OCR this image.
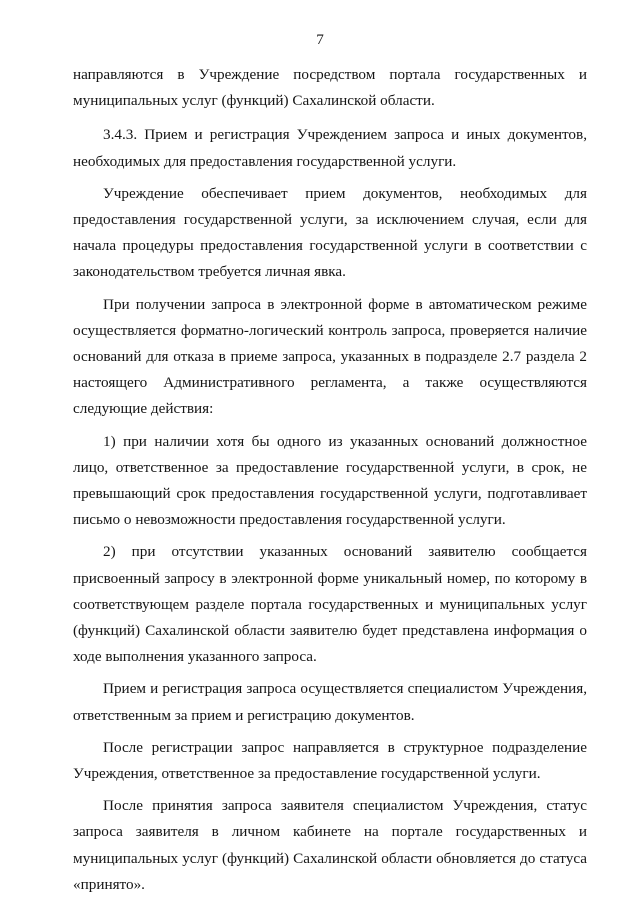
7

направляются в Учреждение посредством портала государственных и муниципальных услуг (функций) Сахалинской области.

3.4.3. Прием и регистрация Учреждением запроса и иных документов, необходимых для предоставления государственной услуги.

Учреждение обеспечивает прием документов, необходимых для предоставления государственной услуги, за исключением случая, если для начала процедуры предоставления государственной услуги в соответствии с законодательством требуется личная явка.

При получении запроса в электронной форме в автоматическом режиме осуществляется форматно-логический контроль запроса, проверяется наличие оснований для отказа в приеме запроса, указанных в подразделе 2.7 раздела 2 настоящего Административного регламента, а также осуществляются следующие действия:

1) при наличии хотя бы одного из указанных оснований должностное лицо, ответственное за предоставление государственной услуги, в срок, не превышающий срок предоставления государственной услуги, подготавливает письмо о невозможности предоставления государственной услуги.

2) при отсутствии указанных оснований заявителю сообщается присвоенный запросу в электронной форме уникальный номер, по которому в соответствующем разделе портала государственных и муниципальных услуг (функций) Сахалинской области заявителю будет представлена информация о ходе выполнения указанного запроса.

Прием и регистрация запроса осуществляется специалистом Учреждения, ответственным за прием и регистрацию документов.

После регистрации запрос направляется в структурное подразделение Учреждения, ответственное за предоставление государственной услуги.

После принятия запроса заявителя специалистом Учреждения, статус запроса заявителя в личном кабинете на портале государственных и муниципальных услуг (функций) Сахалинской области обновляется до статуса «принято».
